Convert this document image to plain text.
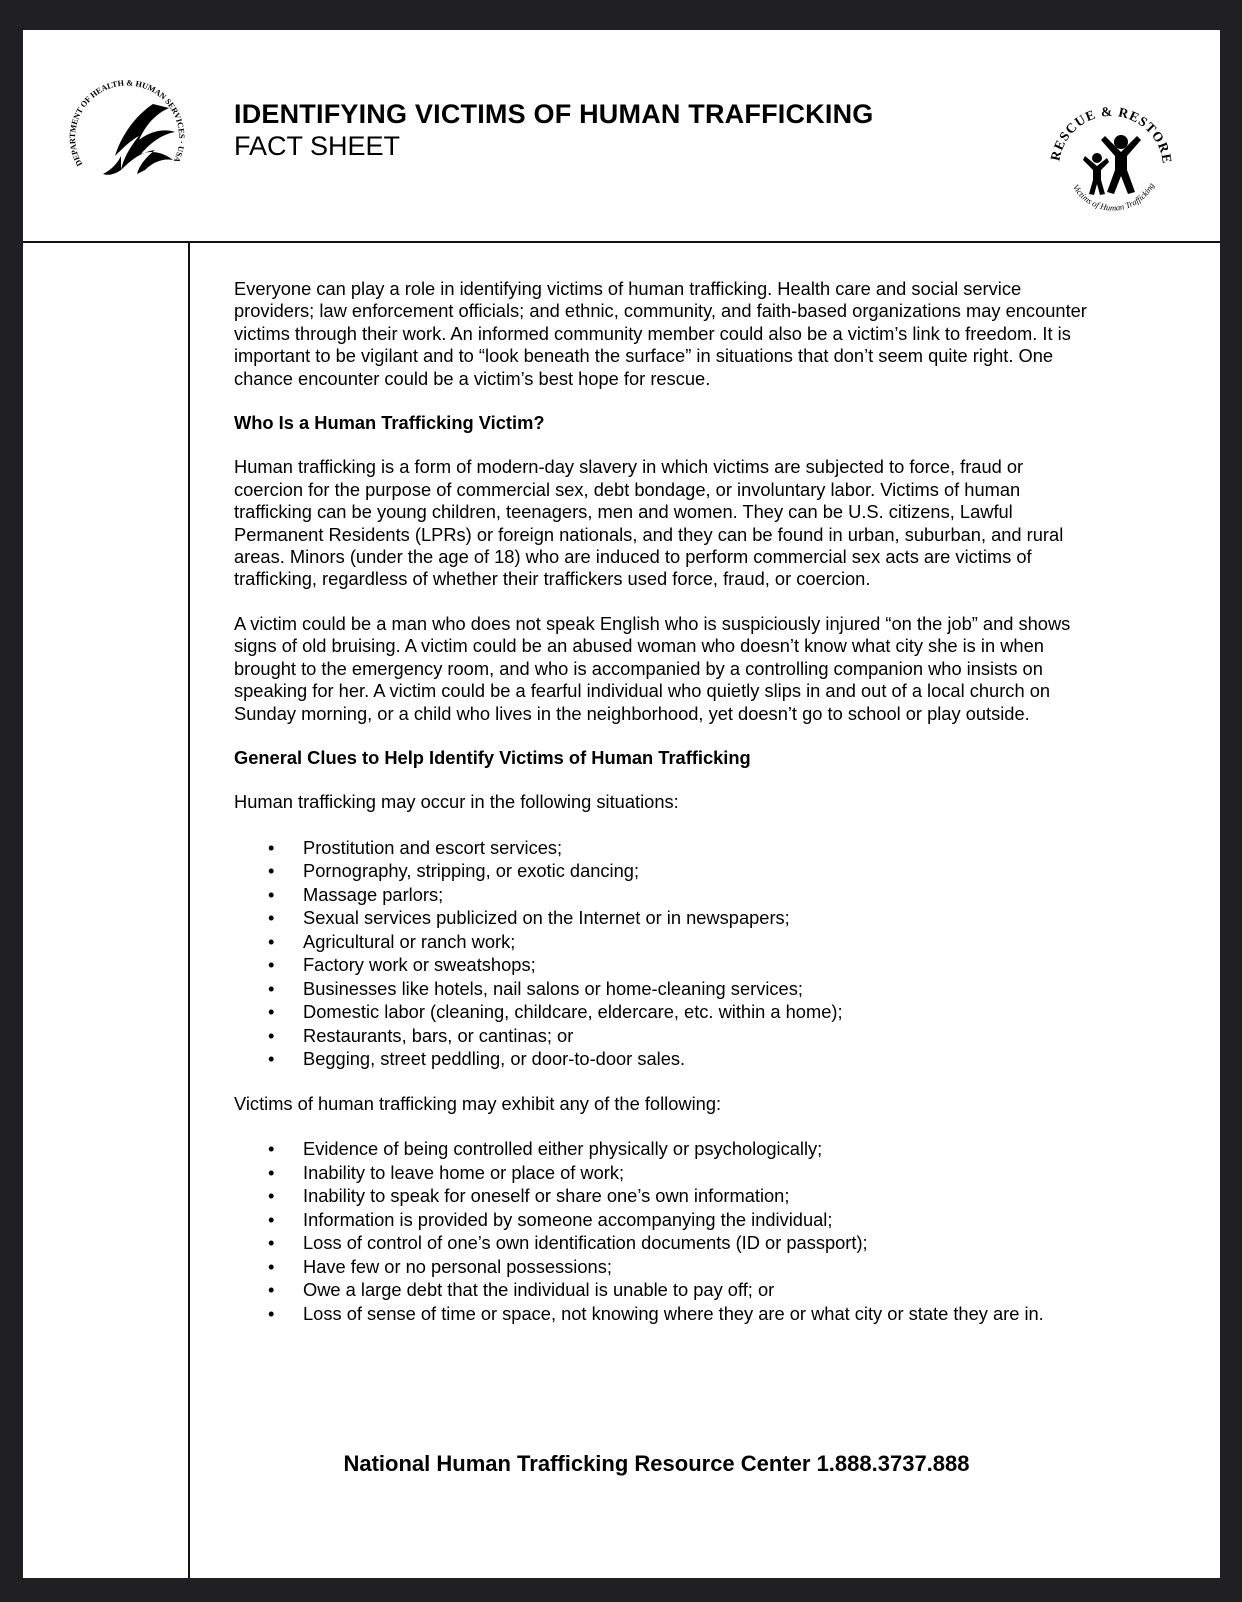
DEPARTMENT OF HEALTH & HUMAN SERVICES · USA

IDENTIFYING VICTIMS OF HUMAN TRAFFICKING

FACT SHEET	RESCUE & RESTORE
Victims of Human Trafficking

Everyone can play a role in identifying victims of human trafficking. Health care and social service providers; law enforcement officials; and ethnic, community, and faith-based organizations may encounter victims through their work. An informed community member could also be a victim’s link to freedom. It is important to be vigilant and to “look beneath the surface” in situations that don’t seem quite right. One chance encounter could be a victim’s best hope for rescue.

Who Is a Human Trafficking Victim?

Human trafficking is a form of modern-day slavery in which victims are subjected to force, fraud or coercion for the purpose of commercial sex, debt bondage, or involuntary labor. Victims of human trafficking can be young children, teenagers, men and women. They can be U.S. citizens, Lawful Permanent Residents (LPRs) or foreign nationals, and they can be found in urban, suburban, and rural areas. Minors (under the age of 18) who are induced to perform commercial sex acts are victims of trafficking, regardless of whether their traffickers used force, fraud, or coercion.

A victim could be a man who does not speak English who is suspiciously injured “on the job” and shows signs of old bruising. A victim could be an abused woman who doesn’t know what city she is in when brought to the emergency room, and who is accompanied by a controlling companion who insists on speaking for her. A victim could be a fearful individual who quietly slips in and out of a local church on Sunday morning, or a child who lives in the neighborhood, yet doesn’t go to school or play outside.

General Clues to Help Identify Victims of Human Trafficking

Human trafficking may occur in the following situations:

• Prostitution and escort services;
• Pornography, stripping, or exotic dancing;
• Massage parlors;
• Sexual services publicized on the Internet or in newspapers;
• Agricultural or ranch work;
• Factory work or sweatshops;
• Businesses like hotels, nail salons or home-cleaning services;
• Domestic labor (cleaning, childcare, eldercare, etc. within a home);
• Restaurants, bars, or cantinas; or
• Begging, street peddling, or door-to-door sales.

Victims of human trafficking may exhibit any of the following:

• Evidence of being controlled either physically or psychologically;
• Inability to leave home or place of work;
• Inability to speak for oneself or share one’s own information;
• Information is provided by someone accompanying the individual;
• Loss of control of one’s own identification documents (ID or passport);
• Have few or no personal possessions;
• Owe a large debt that the individual is unable to pay off; or
• Loss of sense of time or space, not knowing where they are or what city or state they are in.
National Human Trafficking Resource Center 1.888.3737.888
